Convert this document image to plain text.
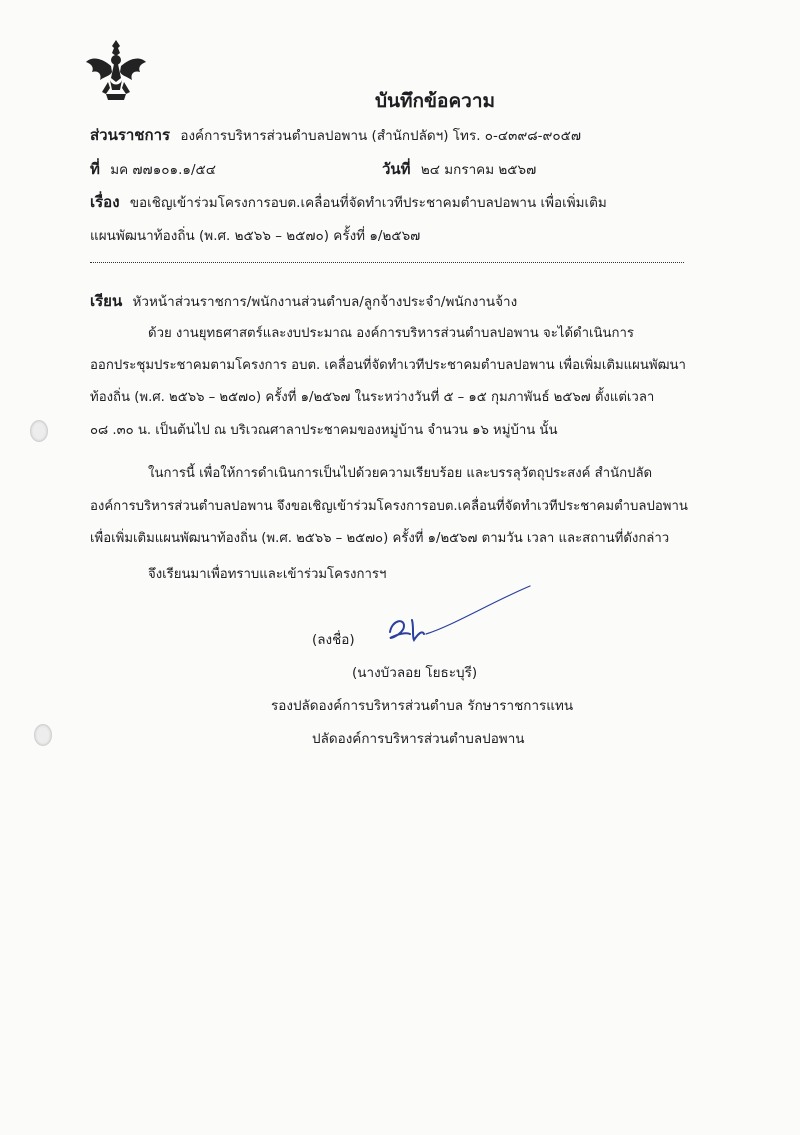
บันทึกข้อความ
ส่วนราชการ องค์การบริหารส่วนตำบลปอพาน (สำนักปลัดฯ) โทร. ๐-๔๓๙๘-๙๐๕๗
ที่ มค ๗๗๑๐๑.๑/๕๔	วันที่ ๒๔ มกราคม ๒๕๖๗
เรื่อง ขอเชิญเข้าร่วมโครงการอบต.เคลื่อนที่จัดทำเวทีประชาคมตำบลปอพาน เพื่อเพิ่มเติม
แผนพัฒนาท้องถิ่น (พ.ศ. ๒๕๖๖ – ๒๕๗๐) ครั้งที่ ๑/๒๕๖๗
เรียน หัวหน้าส่วนราชการ/พนักงานส่วนตำบล/ลูกจ้างประจำ/พนักงานจ้าง
ด้วย งานยุทธศาสตร์และงบประมาณ องค์การบริหารส่วนตำบลปอพาน จะได้ดำเนินการ
ออกประชุมประชาคมตามโครงการ อบต. เคลื่อนที่จัดทำเวทีประชาคมตำบลปอพาน เพื่อเพิ่มเติมแผนพัฒนา
ท้องถิ่น (พ.ศ. ๒๕๖๖ – ๒๕๗๐) ครั้งที่ ๑/๒๕๖๗ ในระหว่างวันที่ ๕ – ๑๕ กุมภาพันธ์ ๒๕๖๗ ตั้งแต่เวลา
๐๘ .๓๐ น. เป็นต้นไป ณ บริเวณศาลาประชาคมของหมู่บ้าน จำนวน ๑๖ หมู่บ้าน นั้น
ในการนี้ เพื่อให้การดำเนินการเป็นไปด้วยความเรียบร้อย และบรรลุวัตถุประสงค์ สำนักปลัด
องค์การบริหารส่วนตำบลปอพาน จึงขอเชิญเข้าร่วมโครงการอบต.เคลื่อนที่จัดทำเวทีประชาคมตำบลปอพาน
เพื่อเพิ่มเติมแผนพัฒนาท้องถิ่น (พ.ศ. ๒๕๖๖ – ๒๕๗๐) ครั้งที่ ๑/๒๕๖๗ ตามวัน เวลา และสถานที่ดังกล่าว
จึงเรียนมาเพื่อทราบและเข้าร่วมโครงการฯ
(ลงชื่อ)
(นางบัวลอย โยธะบุรี)
รองปลัดองค์การบริหารส่วนตำบล รักษาราชการแทน
ปลัดองค์การบริหารส่วนตำบลปอพาน
